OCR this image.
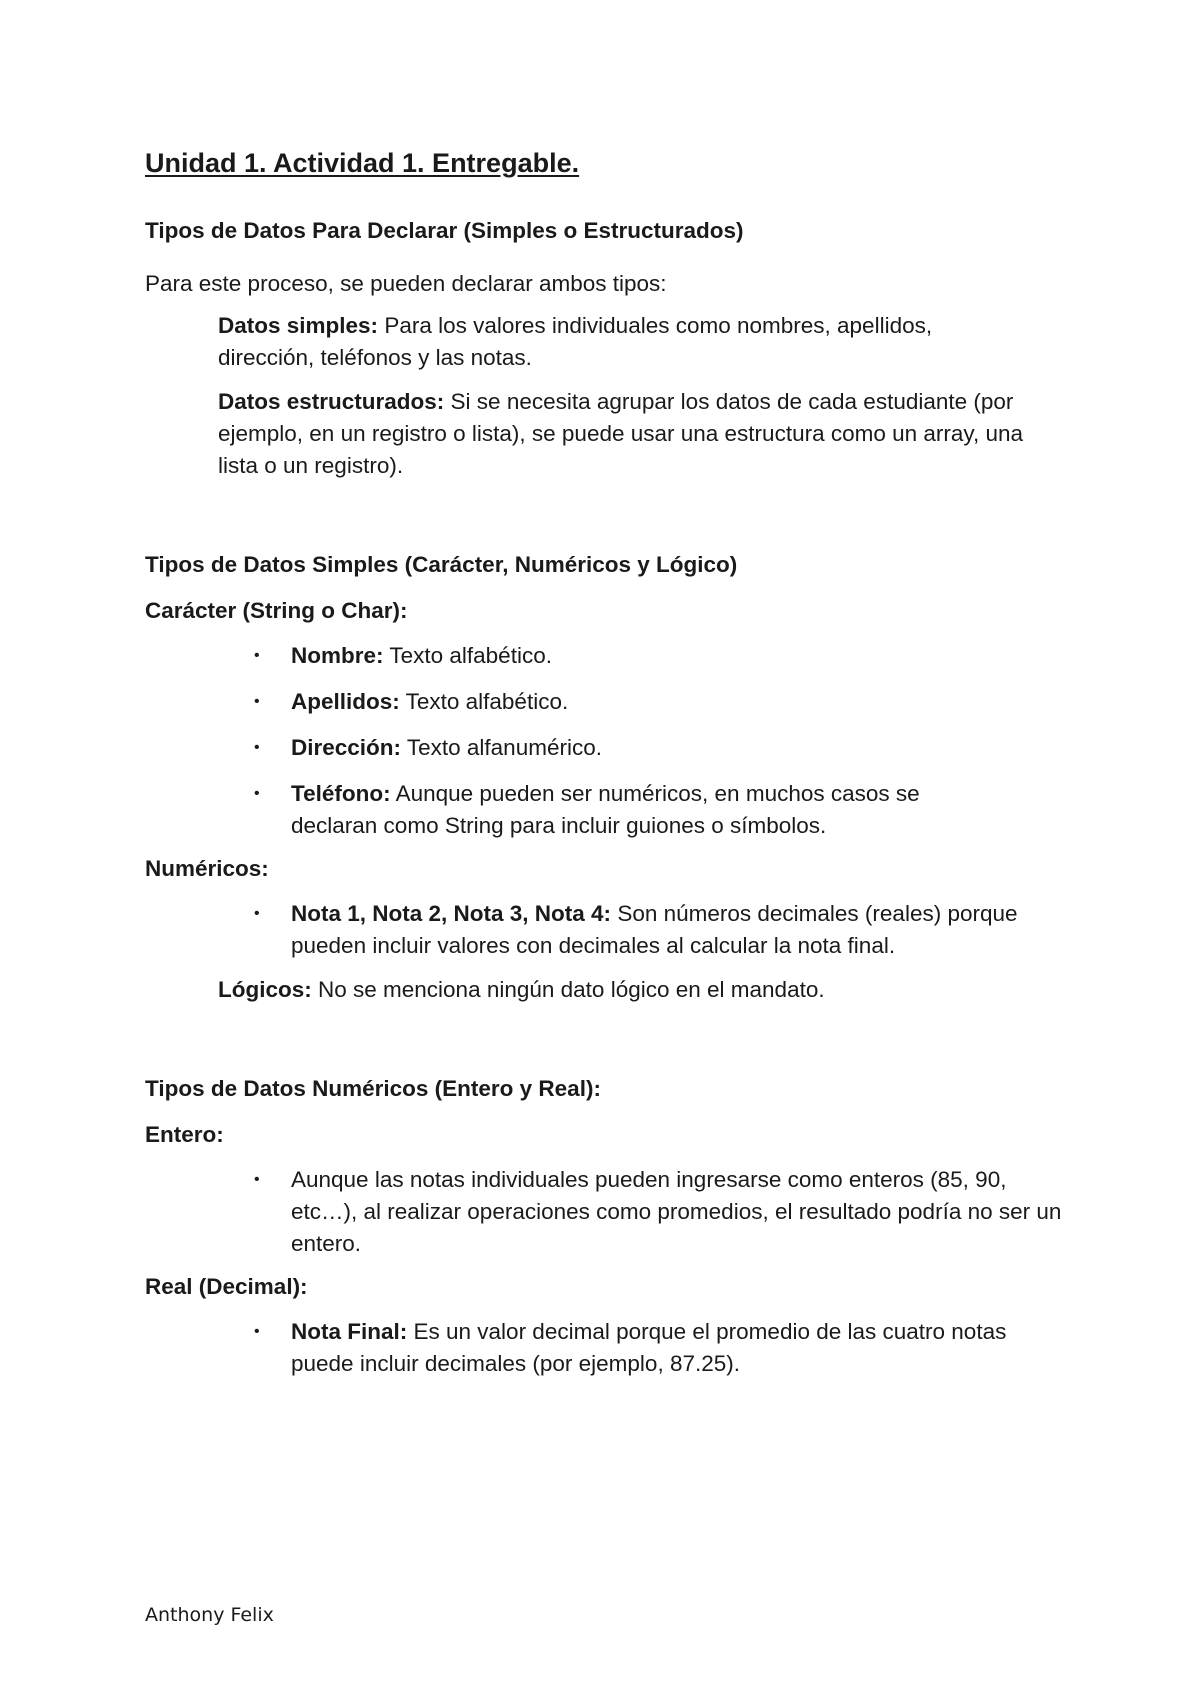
Unidad 1. Actividad 1. Entregable.
Tipos de Datos Para Declarar (Simples o Estructurados)

Para este proceso, se pueden declarar ambos tipos:

Datos simples: Para los valores individuales como nombres, apellidos, dirección, teléfonos y las notas.

Datos estructurados: Si se necesita agrupar los datos de cada estudiante (por ejemplo, en un registro o lista), se puede usar una estructura como un array, una lista o un registro).

Tipos de Datos Simples (Carácter, Numéricos y Lógico)

Carácter (String o Char):

• Nombre: Texto alfabético.
• Apellidos: Texto alfabético.
• Dirección: Texto alfanumérico.
• Teléfono: Aunque pueden ser numéricos, en muchos casos se declaran como String para incluir guiones o símbolos.

Numéricos:

• Nota 1, Nota 2, Nota 3, Nota 4: Son números decimales (reales) porque pueden incluir valores con decimales al calcular la nota final.

Lógicos: No se menciona ningún dato lógico en el mandato.

Tipos de Datos Numéricos (Entero y Real):

Entero:

• Aunque las notas individuales pueden ingresarse como enteros (85, 90, etc…), al realizar operaciones como promedios, el resultado podría no ser un entero.

Real (Decimal):

• Nota Final: Es un valor decimal porque el promedio de las cuatro notas puede incluir decimales (por ejemplo, 87.25).
Anthony Felix
